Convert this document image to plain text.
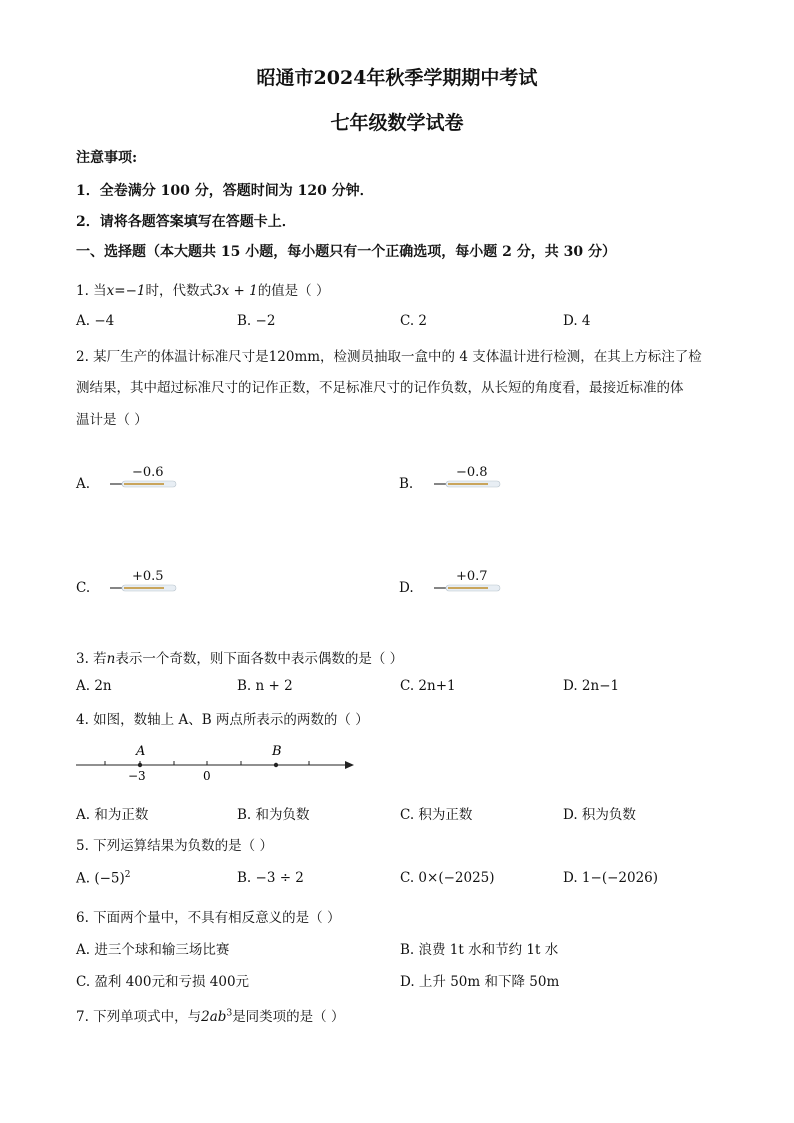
昭通市2024年秋季学期期中考试
七年级数学试卷
注意事项:
1．全卷满分 100 分，答题时间为 120 分钟．
2．请将各题答案填写在答题卡上．
一、选择题（本大题共 15 小题，每小题只有一个正确选项，每小题 2 分，共 30 分）
1. 当x=−1时，代数式3x + 1的值是（ ）
A. −4	B. −2	C. 2	D. 4
2. 某厂生产的体温计标准尺寸是120mm，检测员抽取一盒中的 4 支体温计进行检测，在其上方标注了检
测结果，其中超过标准尺寸的记作正数，不足标准尺寸的记作负数，从长短的角度看，最接近标准的体
温计是（ ）
A.
−0.6
B.
−0.8
C.
+0.5
D.
+0.7
3. 若n表示一个奇数，则下面各数中表示偶数的是（ ）
A. 2n	B. n + 2	C. 2n+1	D. 2n−1
4. 如图，数轴上 A、B 两点所表示的两数的（ ）
A	B
−3	0
A. 和为正数	B. 和为负数	C. 积为正数	D. 积为负数
5. 下列运算结果为负数的是（ ）
A. $(-5)^2$	B. −3 ÷ 2	C. 0×(−2025)	D. 1−(−2026)
6. 下面两个量中，不具有相反意义的是（ ）
A. 进三个球和输三场比赛	B. 浪费 1t 水和节约 1t 水
C. 盈利 400元和亏损 400元	D. 上升 50m 和下降 50m
7. 下列单项式中，与$2ab^3$是同类项的是（ ）
